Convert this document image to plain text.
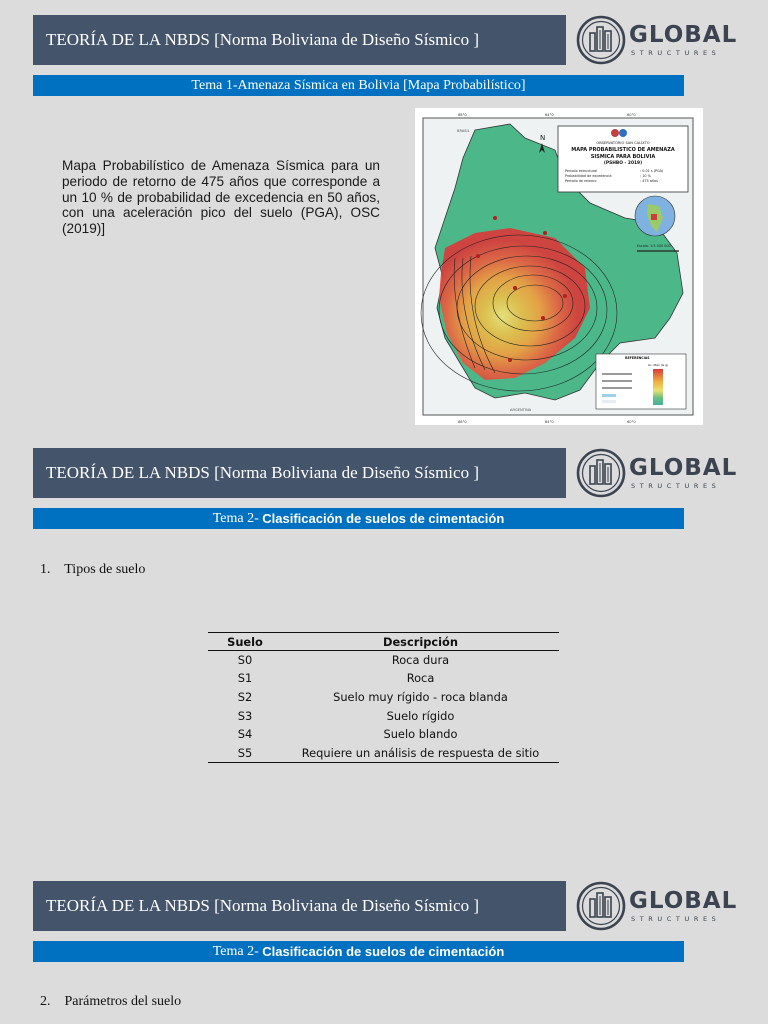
TEORÍA DE LA NBDS [Norma Boliviana de Diseño Sísmico ]	GLOBAL
STRUCTURES
Tema 1-Amenaza Sísmica en Bolivia [Mapa Probabilístico]

Mapa Probabilístico de Amenaza Sísmica para un periodo de retorno de 475 años que corresponde a un 10 % de probabilidad de excedencia en 50 años, con una aceleración pico del suelo (PGA), OSC (2019)]

OBSERVATORIO SAN CALIXTO
MAPA PROBABILISTICO DE AMENAZA
SISMICA PARA BOLIVIA
(PSHBO - 2019)
Periodo estructural	: 0.01 s (PGA)
Probabilidad de excedencia	: 10 %
Periodo de retorno	: 475 años
Escala: 1:5 000 000
N
REFERENCIAS
Ac. Máx (G g)
BRASIL
ARGENTINA
68°0	64°0	60°0
68°0	64°0	60°0
TEORÍA DE LA NBDS [Norma Boliviana de Diseño Sísmico ]	GLOBAL
STRUCTURES
Tema 2- Clasificación de suelos de cimentación
1. Tipos de suelo
Suelo	Descripción
S0	Roca dura
S1	Roca
S2	Suelo muy rígido - roca blanda
S3	Suelo rígido
S4	Suelo blando
S5	Requiere un análisis de respuesta de sitio
TEORÍA DE LA NBDS [Norma Boliviana de Diseño Sísmico ]	GLOBAL
STRUCTURES
Tema 2- Clasificación de suelos de cimentación
2. Parámetros del suelo
